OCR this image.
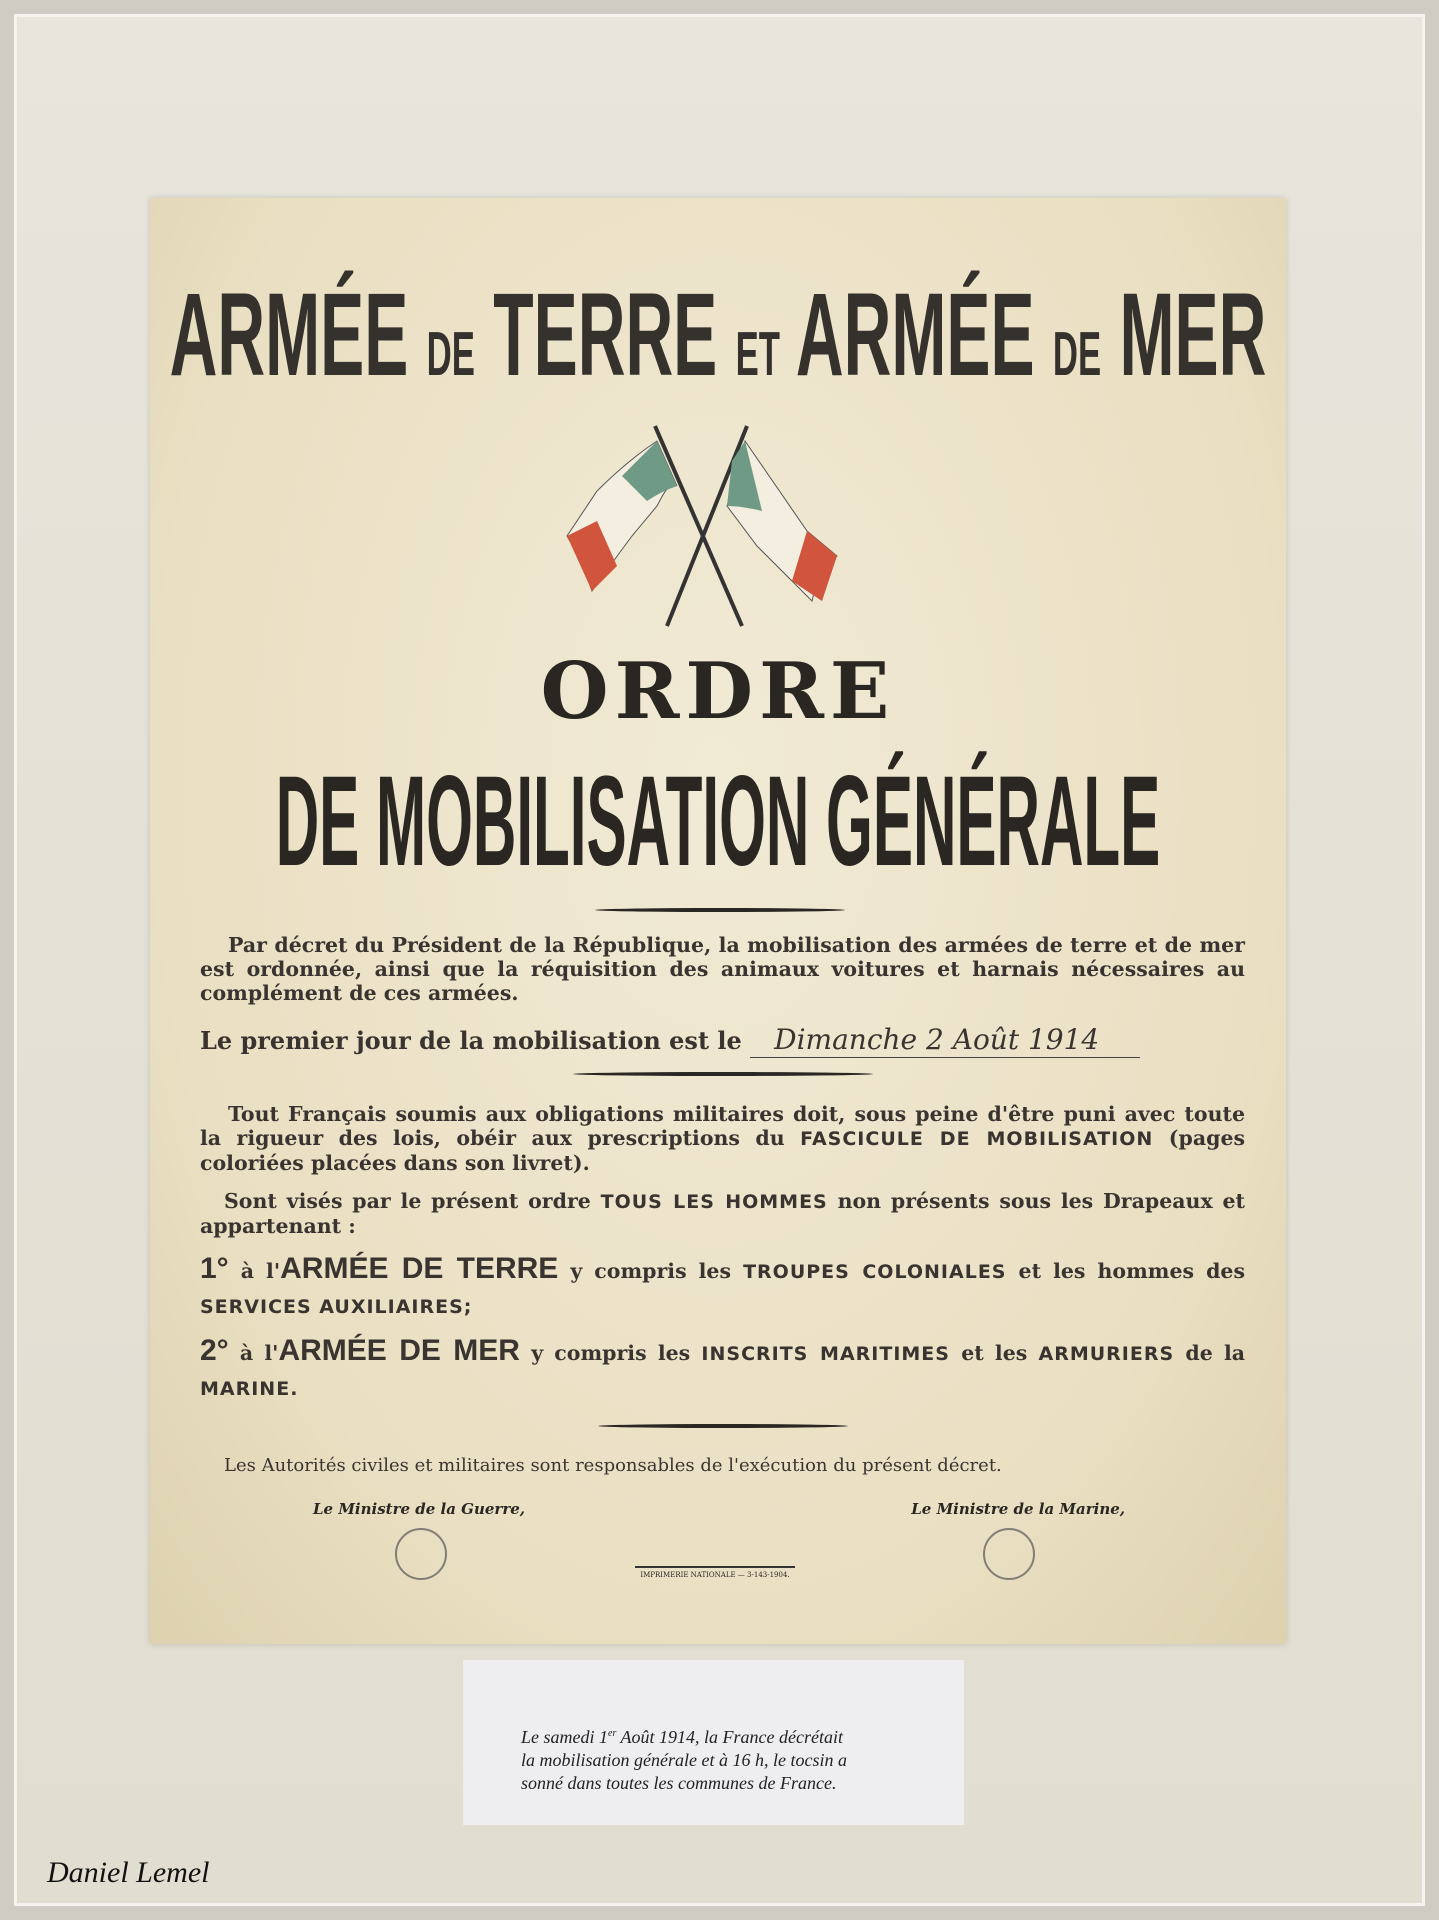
ARMÉE DE TERRE ET ARMÉE DE MER
ORDRE
DE MOBILISATION GÉNÉRALE
Par décret du Président de la République, la mobilisation des armées de terre et de mer est ordonnée, ainsi que la réquisition des animaux voitures et harnais nécessaires au complément de ces armées.
Le premier jour de la mobilisation est le Dimanche 2 Août 1914
Tout Français soumis aux obligations militaires doit, sous peine d'être puni avec toute la rigueur des lois, obéir aux prescriptions du FASCICULE DE MOBILISATION (pages coloriées placées dans son livret).
Sont visés par le présent ordre TOUS LES HOMMES non présents sous les Drapeaux et appartenant :
1° à l'ARMÉE DE TERRE y compris les TROUPES COLONIALES et les hommes des SERVICES AUXILIAIRES;
2° à l'ARMÉE DE MER y compris les INSCRITS MARITIMES et les ARMURIERS de la MARINE.
Les Autorités civiles et militaires sont responsables de l'exécution du présent décret.
Le Ministre de la Guerre,	Le Ministre de la Marine,
IMPRIMERIE NATIONALE — 3-143-1904.
Le samedi 1er Août 1914, la France décrétait
la mobilisation générale et à 16 h, le tocsin a
sonné dans toutes les communes de France.
Daniel Lemel
